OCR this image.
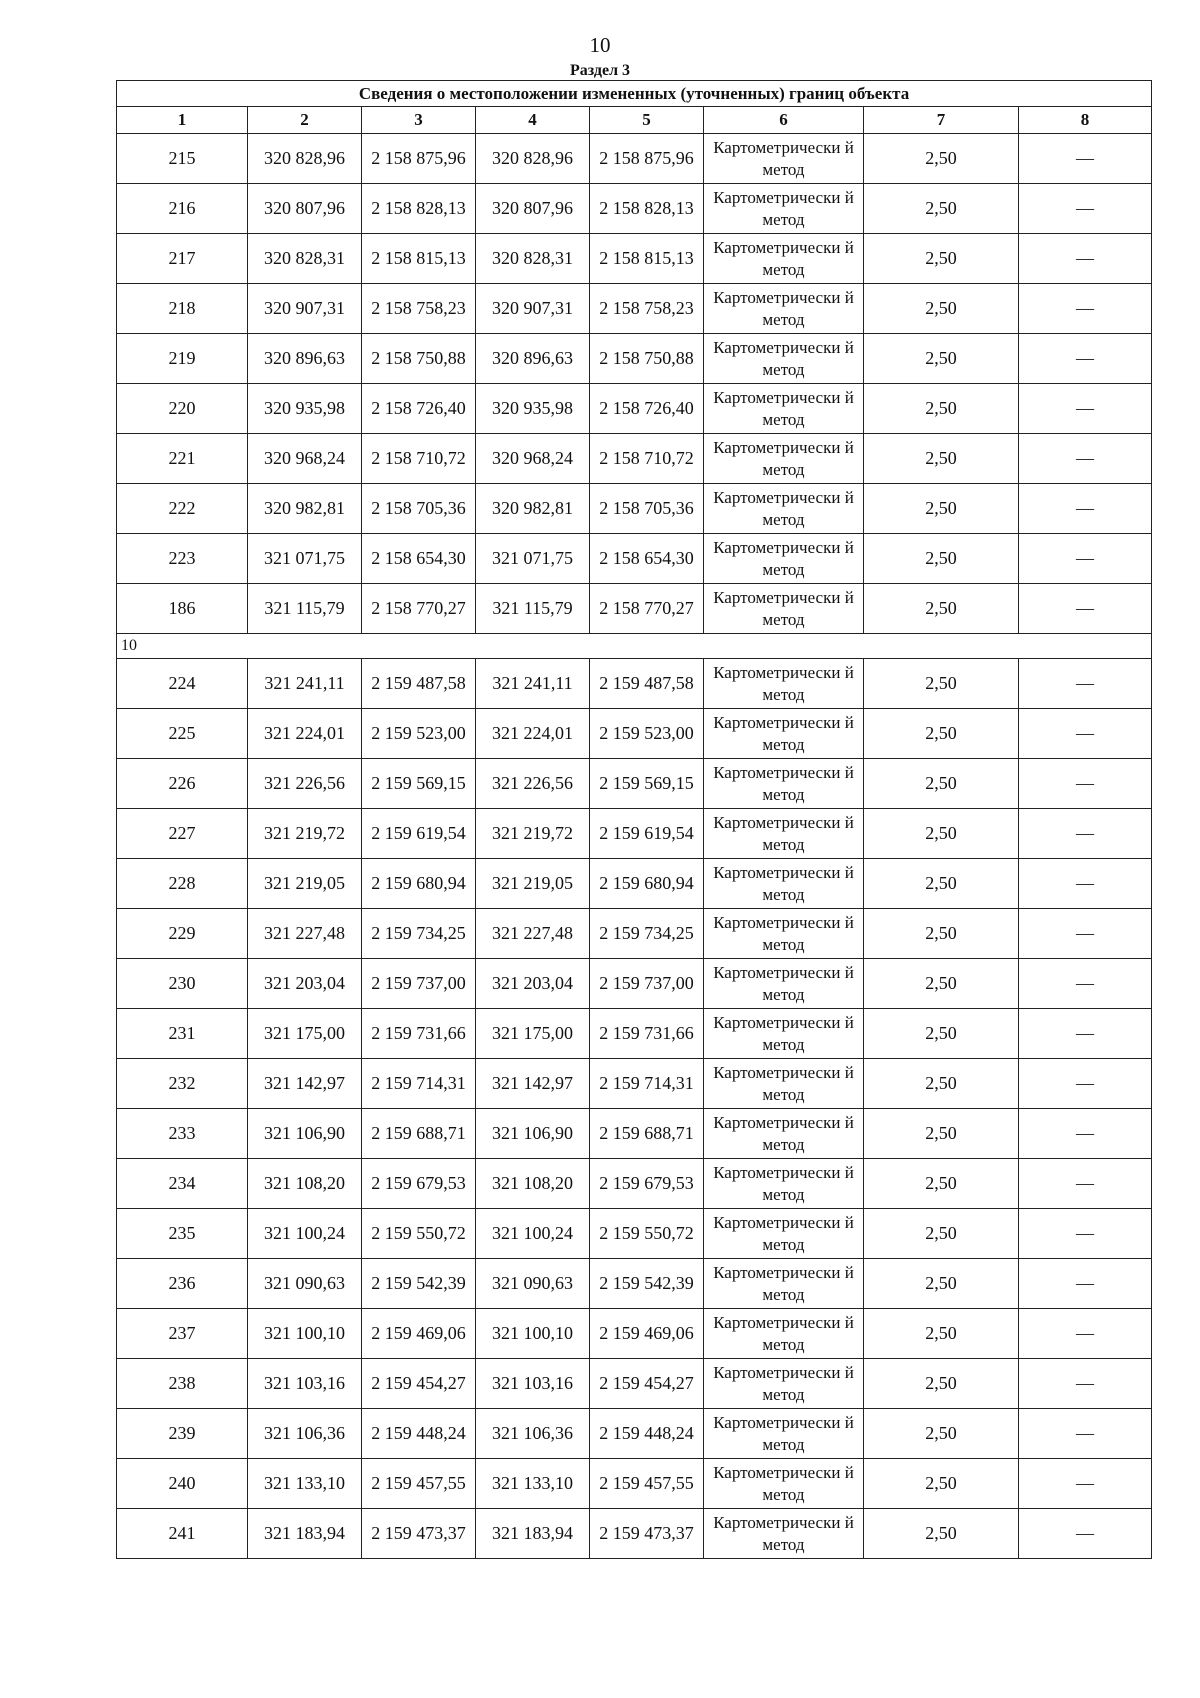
10
Раздел 3
Сведения о местоположении измененных (уточненных) границ объекта							
1	2	3	4	5	6	7	8
215	320 828,96	2 158 875,96	320 828,96	2 158 875,96	Картометрически й метод	2,50	—
216	320 807,96	2 158 828,13	320 807,96	2 158 828,13	Картометрически й метод	2,50	—
217	320 828,31	2 158 815,13	320 828,31	2 158 815,13	Картометрически й метод	2,50	—
218	320 907,31	2 158 758,23	320 907,31	2 158 758,23	Картометрически й метод	2,50	—
219	320 896,63	2 158 750,88	320 896,63	2 158 750,88	Картометрически й метод	2,50	—
220	320 935,98	2 158 726,40	320 935,98	2 158 726,40	Картометрически й метод	2,50	—
221	320 968,24	2 158 710,72	320 968,24	2 158 710,72	Картометрически й метод	2,50	—
222	320 982,81	2 158 705,36	320 982,81	2 158 705,36	Картометрически й метод	2,50	—
223	321 071,75	2 158 654,30	321 071,75	2 158 654,30	Картометрически й метод	2,50	—
186	321 115,79	2 158 770,27	321 115,79	2 158 770,27	Картометрически й метод	2,50	—
10							
224	321 241,11	2 159 487,58	321 241,11	2 159 487,58	Картометрически й метод	2,50	—
225	321 224,01	2 159 523,00	321 224,01	2 159 523,00	Картометрически й метод	2,50	—
226	321 226,56	2 159 569,15	321 226,56	2 159 569,15	Картометрически й метод	2,50	—
227	321 219,72	2 159 619,54	321 219,72	2 159 619,54	Картометрически й метод	2,50	—
228	321 219,05	2 159 680,94	321 219,05	2 159 680,94	Картометрически й метод	2,50	—
229	321 227,48	2 159 734,25	321 227,48	2 159 734,25	Картометрически й метод	2,50	—
230	321 203,04	2 159 737,00	321 203,04	2 159 737,00	Картометрически й метод	2,50	—
231	321 175,00	2 159 731,66	321 175,00	2 159 731,66	Картометрически й метод	2,50	—
232	321 142,97	2 159 714,31	321 142,97	2 159 714,31	Картометрически й метод	2,50	—
233	321 106,90	2 159 688,71	321 106,90	2 159 688,71	Картометрически й метод	2,50	—
234	321 108,20	2 159 679,53	321 108,20	2 159 679,53	Картометрически й метод	2,50	—
235	321 100,24	2 159 550,72	321 100,24	2 159 550,72	Картометрически й метод	2,50	—
236	321 090,63	2 159 542,39	321 090,63	2 159 542,39	Картометрически й метод	2,50	—
237	321 100,10	2 159 469,06	321 100,10	2 159 469,06	Картометрически й метод	2,50	—
238	321 103,16	2 159 454,27	321 103,16	2 159 454,27	Картометрически й метод	2,50	—
239	321 106,36	2 159 448,24	321 106,36	2 159 448,24	Картометрически й метод	2,50	—
240	321 133,10	2 159 457,55	321 133,10	2 159 457,55	Картометрически й метод	2,50	—
241	321 183,94	2 159 473,37	321 183,94	2 159 473,37	Картометрически й метод	2,50	—
